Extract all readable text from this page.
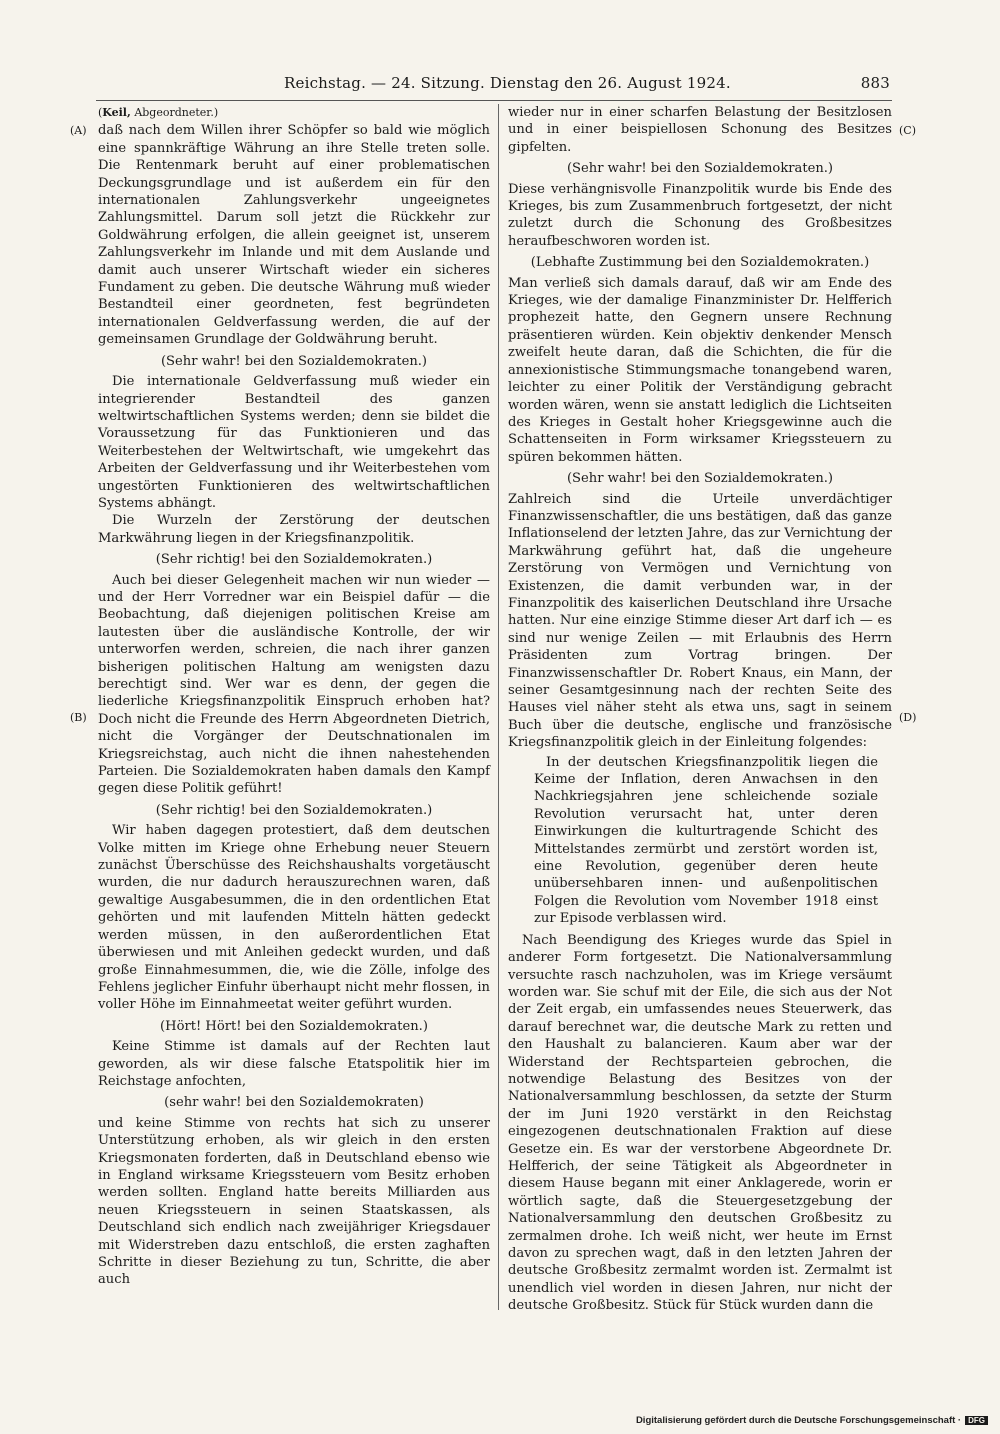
Reichstag. — 24. Sitzung. Dienstag den 26. August 1924.	883
(A)
(B)
(C)
(D)
(Keil, Abgeordneter.)

daß nach dem Willen ihrer Schöpfer so bald wie möglich eine spannkräftige Währung an ihre Stelle treten solle. Die Rentenmark beruht auf einer problematischen Deckungsgrundlage und ist außerdem ein für den internationalen Zahlungsverkehr ungeeignetes Zahlungsmittel. Darum soll jetzt die Rückkehr zur Goldwährung erfolgen, die allein geeignet ist, unserem Zahlungsverkehr im Inlande und mit dem Auslande und damit auch unserer Wirtschaft wieder ein sicheres Fundament zu geben. Die deutsche Währung muß wieder Bestandteil einer geordneten, fest begründeten internationalen Geldverfassung werden, die auf der gemeinsamen Grundlage der Goldwährung beruht.

(Sehr wahr! bei den Sozialdemokraten.)

Die internationale Geldverfassung muß wieder ein integrierender Bestandteil des ganzen weltwirtschaftlichen Systems werden; denn sie bildet die Voraussetzung für das Funktionieren und das Weiterbestehen der Weltwirtschaft, wie umgekehrt das Arbeiten der Geldverfassung und ihr Weiterbestehen vom ungestörten Funktionieren des weltwirtschaftlichen Systems abhängt.

Die Wurzeln der Zerstörung der deutschen Markwährung liegen in der Kriegsfinanzpolitik.

(Sehr richtig! bei den Sozialdemokraten.)

Auch bei dieser Gelegenheit machen wir nun wieder — und der Herr Vorredner war ein Beispiel dafür — die Beobachtung, daß diejenigen politischen Kreise am lautesten über die ausländische Kontrolle, der wir unterworfen werden, schreien, die nach ihrer ganzen bisherigen politischen Haltung am wenigsten dazu berechtigt sind. Wer war es denn, der gegen die liederliche Kriegsfinanzpolitik Einspruch erhoben hat? Doch nicht die Freunde des Herrn Abgeordneten Dietrich, nicht die Vorgänger der Deutschnationalen im Kriegsreichstag, auch nicht die ihnen nahestehenden Parteien. Die Sozialdemokraten haben damals den Kampf gegen diese Politik geführt!

(Sehr richtig! bei den Sozialdemokraten.)

Wir haben dagegen protestiert, daß dem deutschen Volke mitten im Kriege ohne Erhebung neuer Steuern zunächst Überschüsse des Reichshaushalts vorgetäuscht wurden, die nur dadurch herauszurechnen waren, daß gewaltige Ausgabesummen, die in den ordentlichen Etat gehörten und mit laufenden Mitteln hätten gedeckt werden müssen, in den außerordentlichen Etat überwiesen und mit Anleihen gedeckt wurden, und daß große Einnahmesummen, die, wie die Zölle, infolge des Fehlens jeglicher Einfuhr überhaupt nicht mehr flossen, in voller Höhe im Einnahmeetat weiter geführt wurden.

(Hört! Hört! bei den Sozialdemokraten.)

Keine Stimme ist damals auf der Rechten laut geworden, als wir diese falsche Etatspolitik hier im Reichstage anfochten,

(sehr wahr! bei den Sozialdemokraten)

und keine Stimme von rechts hat sich zu unserer Unterstützung erhoben, als wir gleich in den ersten Kriegsmonaten forderten, daß in Deutschland ebenso wie in England wirksame Kriegssteuern vom Besitz erhoben werden sollten. England hatte bereits Milliarden aus neuen Kriegssteuern in seinen Staatskassen, als Deutschland sich endlich nach zweijähriger Kriegsdauer mit Widerstreben dazu entschloß, die ersten zaghaften Schritte in dieser Beziehung zu tun, Schritte, die aber auch

wieder nur in einer scharfen Belastung der Besitzlosen und in einer beispiellosen Schonung des Besitzes gipfelten.

(Sehr wahr! bei den Sozialdemokraten.)

Diese verhängnisvolle Finanzpolitik wurde bis Ende des Krieges, bis zum Zusammenbruch fortgesetzt, der nicht zuletzt durch die Schonung des Großbesitzes heraufbeschworen worden ist.

(Lebhafte Zustimmung bei den Sozialdemokraten.)

Man verließ sich damals darauf, daß wir am Ende des Krieges, wie der damalige Finanzminister Dr. Helfferich prophezeit hatte, den Gegnern unsere Rechnung präsentieren würden. Kein objektiv denkender Mensch zweifelt heute daran, daß die Schichten, die für die annexionistische Stimmungsmache tonangebend waren, leichter zu einer Politik der Verständigung gebracht worden wären, wenn sie anstatt lediglich die Lichtseiten des Krieges in Gestalt hoher Kriegsgewinne auch die Schattenseiten in Form wirksamer Kriegssteuern zu spüren bekommen hätten.

(Sehr wahr! bei den Sozialdemokraten.)

Zahlreich sind die Urteile unverdächtiger Finanzwissenschaftler, die uns bestätigen, daß das ganze Inflationselend der letzten Jahre, das zur Vernichtung der Markwährung geführt hat, daß die ungeheure Zerstörung von Vermögen und Vernichtung von Existenzen, die damit verbunden war, in der Finanzpolitik des kaiserlichen Deutschland ihre Ursache hatten. Nur eine einzige Stimme dieser Art darf ich — es sind nur wenige Zeilen — mit Erlaubnis des Herrn Präsidenten zum Vortrag bringen. Der Finanzwissenschaftler Dr. Robert Knaus, ein Mann, der seiner Gesamtgesinnung nach der rechten Seite des Hauses viel näher steht als etwa uns, sagt in seinem Buch über die deutsche, englische und französische Kriegsfinanzpolitik gleich in der Einleitung folgendes:

In der deutschen Kriegsfinanzpolitik liegen die Keime der Inflation, deren Anwachsen in den Nachkriegsjahren jene schleichende soziale Revolution verursacht hat, unter deren Einwirkungen die kulturtragende Schicht des Mittelstandes zermürbt und zerstört worden ist, eine Revolution, gegenüber deren heute unübersehbaren innen- und außenpolitischen Folgen die Revolution vom November 1918 einst zur Episode verblassen wird.

Nach Beendigung des Krieges wurde das Spiel in anderer Form fortgesetzt. Die Nationalversammlung versuchte rasch nachzuholen, was im Kriege versäumt worden war. Sie schuf mit der Eile, die sich aus der Not der Zeit ergab, ein umfassendes neues Steuerwerk, das darauf berechnet war, die deutsche Mark zu retten und den Haushalt zu balancieren. Kaum aber war der Widerstand der Rechtsparteien gebrochen, die notwendige Belastung des Besitzes von der Nationalversammlung beschlossen, da setzte der Sturm der im Juni 1920 verstärkt in den Reichstag eingezogenen deutschnationalen Fraktion auf diese Gesetze ein. Es war der verstorbene Abgeordnete Dr. Helfferich, der seine Tätigkeit als Abgeordneter in diesem Hause begann mit einer Anklagerede, worin er wörtlich sagte, daß die Steuergesetzgebung der Nationalversammlung den deutschen Großbesitz zu zermalmen drohe. Ich weiß nicht, wer heute im Ernst davon zu sprechen wagt, daß in den letzten Jahren der deutsche Großbesitz zermalmt worden ist. Zermalmt ist unendlich viel worden in diesen Jahren, nur nicht der deutsche Großbesitz. Stück für Stück wurden dann die

Digitalisierung gefördert durch die Deutsche Forschungsgemeinschaft · DFG
